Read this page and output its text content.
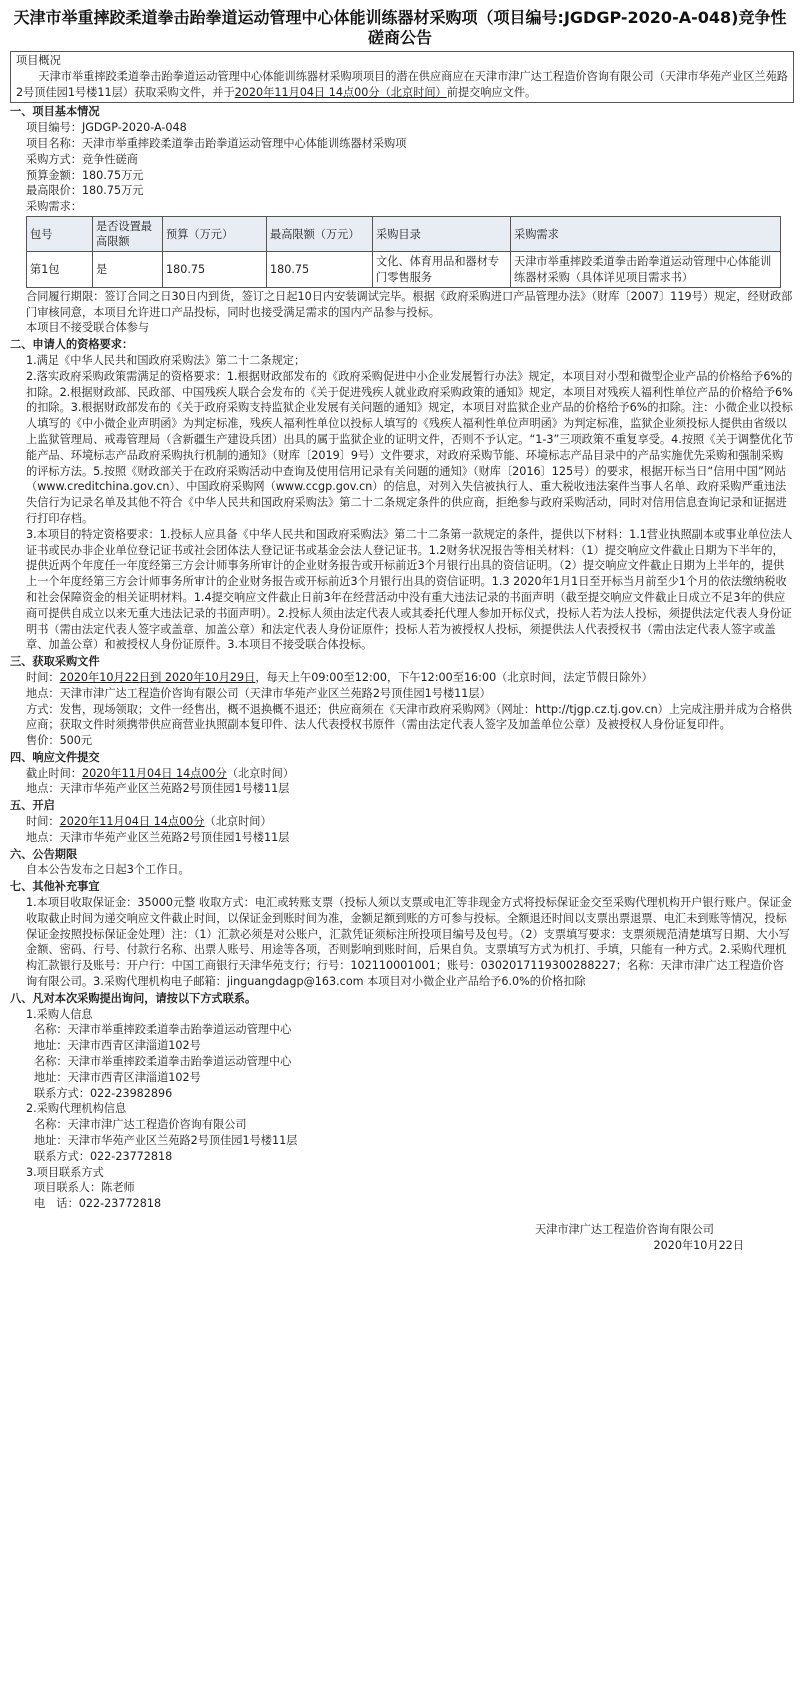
天津市举重摔跤柔道拳击跆拳道运动管理中心体能训练器材采购项（项目编号:JGDGP-2020-A-048)竞争性磋商公告
项目概况
天津市举重摔跤柔道拳击跆拳道运动管理中心体能训练器材采购项项目的潜在供应商应在天津市津广达工程造价咨询有限公司（天津市华苑产业区兰苑路2号顶佳园1号楼11层）获取采购文件，并于2020年11月04日 14点00分（北京时间）前提交响应文件。
一、项目基本情况
项目编号：JGDGP-2020-A-048
项目名称：天津市举重摔跤柔道拳击跆拳道运动管理中心体能训练器材采购项
采购方式：竞争性磋商
预算金额：180.75万元
最高限价：180.75万元
采购需求：
包号	是否设置最高限额	预算（万元）	最高限额（万元）	采购目录	采购需求
第1包	是	180.75	180.75	文化、体育用品和器材专门零售服务	天津市举重摔跤柔道拳击跆拳道运动管理中心体能训练器材采购（具体详见项目需求书）
合同履行期限：签订合同之日30日内到货，签订之日起10日内安装调试完毕。根据《政府采购进口产品管理办法》（财库〔2007〕119号）规定，经财政部门审核同意，本项目允许进口产品投标，同时也接受满足需求的国内产品参与投标。
本项目不接受联合体参与
二、申请人的资格要求：
1.满足《中华人民共和国政府采购法》第二十二条规定；
2.落实政府采购政策需满足的资格要求：1.根据财政部发布的《政府采购促进中小企业发展暂行办法》规定，本项目对小型和微型企业产品的价格给予6%的扣除。2.根据财政部、民政部、中国残疾人联合会发布的《关于促进残疾人就业政府采购政策的通知》规定，本项目对残疾人福利性单位产品的价格给予6%的扣除。3.根据财政部发布的《关于政府采购支持监狱企业发展有关问题的通知》规定，本项目对监狱企业产品的价格给予6%的扣除。注：小微企业以投标人填写的《中小微企业声明函》为判定标准，残疾人福利性单位以投标人填写的《残疾人福利性单位声明函》为判定标准，监狱企业须投标人提供由省级以上监狱管理局、戒毒管理局（含新疆生产建设兵团）出具的属于监狱企业的证明文件，否则不予认定。“1-3”三项政策不重复享受。4.按照《关于调整优化节能产品、环境标志产品政府采购执行机制的通知》（财库〔2019〕9号）文件要求，对政府采购节能、环境标志产品目录中的产品实施优先采购和强制采购的评标方法。5.按照《财政部关于在政府采购活动中查询及使用信用记录有关问题的通知》（财库〔2016〕125号）的要求，根据开标当日“信用中国”网站（www.creditchina.gov.cn）、中国政府采购网（www.ccgp.gov.cn）的信息，对列入失信被执行人、重大税收违法案件当事人名单、政府采购严重违法失信行为记录名单及其他不符合《中华人民共和国政府采购法》第二十二条规定条件的供应商，拒绝参与政府采购活动，同时对信用信息查询记录和证据进行打印存档。
3.本项目的特定资格要求：1.投标人应具备《中华人民共和国政府采购法》第二十二条第一款规定的条件，提供以下材料：1.1营业执照副本或事业单位法人证书或民办非企业单位登记证书或社会团体法人登记证书或基金会法人登记证书。1.2财务状况报告等相关材料：（1）提交响应文件截止日期为下半年的，提供近两个年度任一年度经第三方会计师事务所审计的企业财务报告或开标前近3个月银行出具的资信证明。（2）提交响应文件截止日期为上半年的，提供上一个年度经第三方会计师事务所审计的企业财务报告或开标前近3个月银行出具的资信证明。1.3 2020年1月1日至开标当月前至少1个月的依法缴纳税收和社会保障资金的相关证明材料。1.4提交响应文件截止日前3年在经营活动中没有重大违法记录的书面声明（截至提交响应文件截止日成立不足3年的供应商可提供自成立以来无重大违法记录的书面声明）。2.投标人须由法定代表人或其委托代理人参加开标仪式，投标人若为法人投标，须提供法定代表人身份证明书（需由法定代表人签字或盖章、加盖公章）和法定代表人身份证原件；投标人若为被授权人投标，须提供法人代表授权书（需由法定代表人签字或盖章、加盖公章）和被授权人身份证原件。3.本项目不接受联合体投标。
三、获取采购文件
时间：2020年10月22日到 2020年10月29日，每天上午09:00至12:00，下午12:00至16:00（北京时间，法定节假日除外）
地点：天津市津广达工程造价咨询有限公司（天津市华苑产业区兰苑路2号顶佳园1号楼11层）
方式：发售，现场领取；文件一经售出，概不退换概不退还；供应商须在《天津市政府采购网》（网址：http://tjgp.cz.tj.gov.cn）上完成注册并成为合格供应商；获取文件时须携带供应商营业执照副本复印件、法人代表授权书原件（需由法定代表人签字及加盖单位公章）及被授权人身份证复印件。
售价：500元
四、响应文件提交
截止时间：2020年11月04日 14点00分（北京时间）
地点：天津市华苑产业区兰苑路2号顶佳园1号楼11层
五、开启
时间：2020年11月04日 14点00分（北京时间）
地点：天津市华苑产业区兰苑路2号顶佳园1号楼11层
六、公告期限
自本公告发布之日起3个工作日。
七、其他补充事宜
1.本项目收取保证金：35000元整 收取方式：电汇或转账支票（投标人须以支票或电汇等非现金方式将投标保证金交至采购代理机构开户银行账户。保证金收取截止时间为递交响应文件截止时间，以保证金到账时间为准，金额足额到账的方可参与投标。全额退还时间以支票出票退票、电汇未到账等情况，投标保证金按照投标保证金处理）注：（1）汇款必须是对公账户，汇款凭证须标注所投项目编号及包号。（2）支票填写要求：支票须规范清楚填写日期、大小写金额、密码、行号、付款行名称、出票人账号、用途等各项，否则影响到账时间，后果自负。支票填写方式为机打、手填，只能有一种方式。2.采购代理机构汇款银行及账号：开户行：中国工商银行天津华苑支行；行号：102110001001；账号：0302017119300288227；名称：天津市津广达工程造价咨询有限公司。3.采购代理机构电子邮箱：jinguangdagp@163.com 本项目对小微企业产品给予6.0%的价格扣除
八、凡对本次采购提出询问，请按以下方式联系。
1.采购人信息
名称：天津市举重摔跤柔道拳击跆拳道运动管理中心
地址：天津市西青区津淄道102号
名称：天津市举重摔跤柔道拳击跆拳道运动管理中心
地址：天津市西青区津淄道102号
联系方式：022-23982896
2.采购代理机构信息
名称：天津市津广达工程造价咨询有限公司
地址：天津市华苑产业区兰苑路2号顶佳园1号楼11层
联系方式：022-23772818
3.项目联系方式
项目联系人：陈老师
电　话：022-23772818
天津市津广达工程造价咨询有限公司
2020年10月22日
